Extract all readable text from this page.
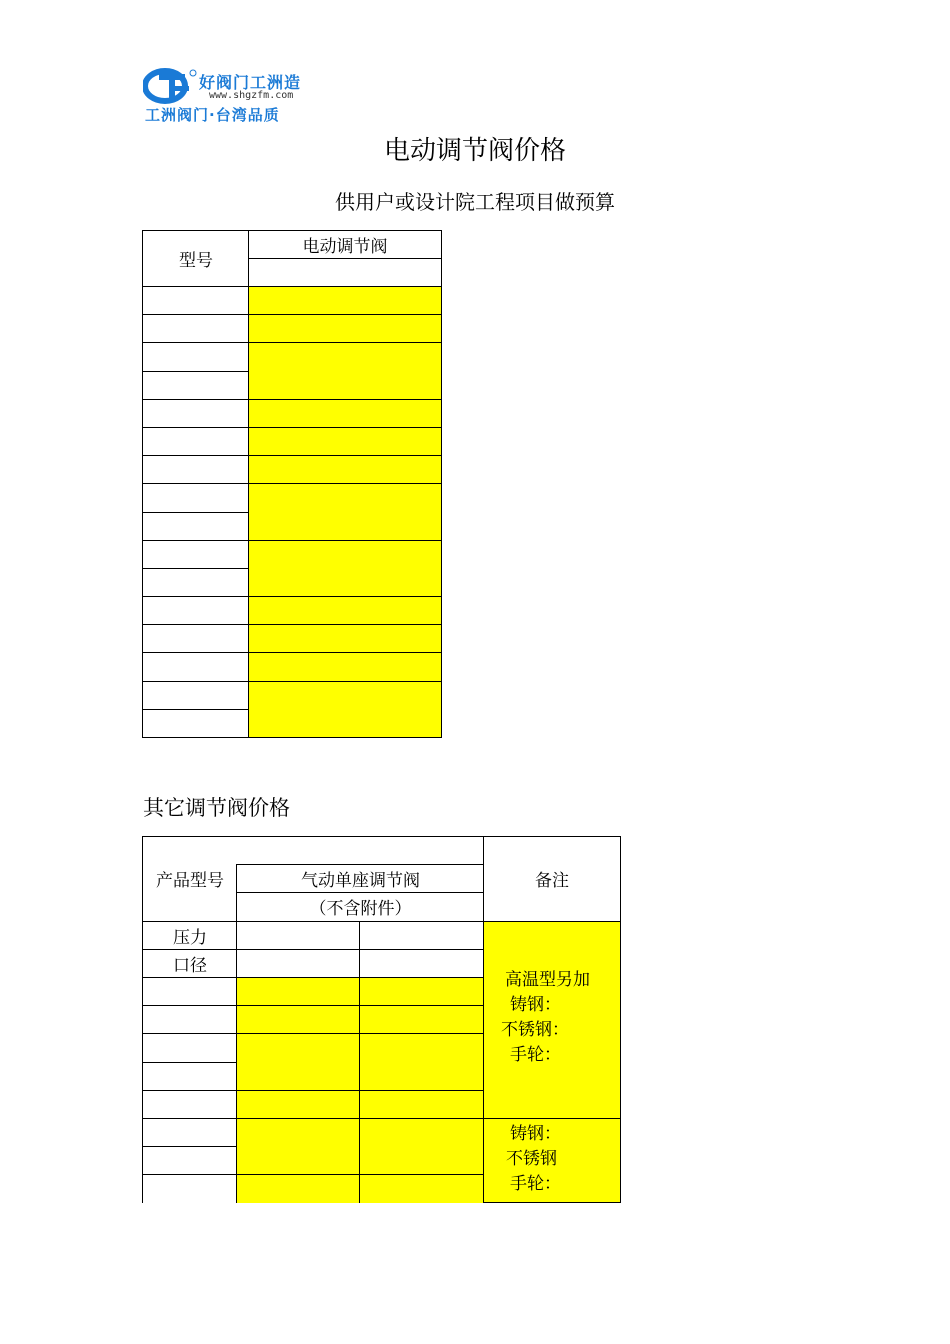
好阀门工洲造
www.shgzfm.com
工洲阀门·台湾品质
电动调节阀价格
供用户或设计院工程项目做预算
型号
电动调节阀
其它调节阀价格
产品型号	气动单座调节阀
（不含附件）
备注
压力
口径
高温型另加
铸钢：
不锈钢：
手轮：
铸钢：
不锈钢
手轮：
